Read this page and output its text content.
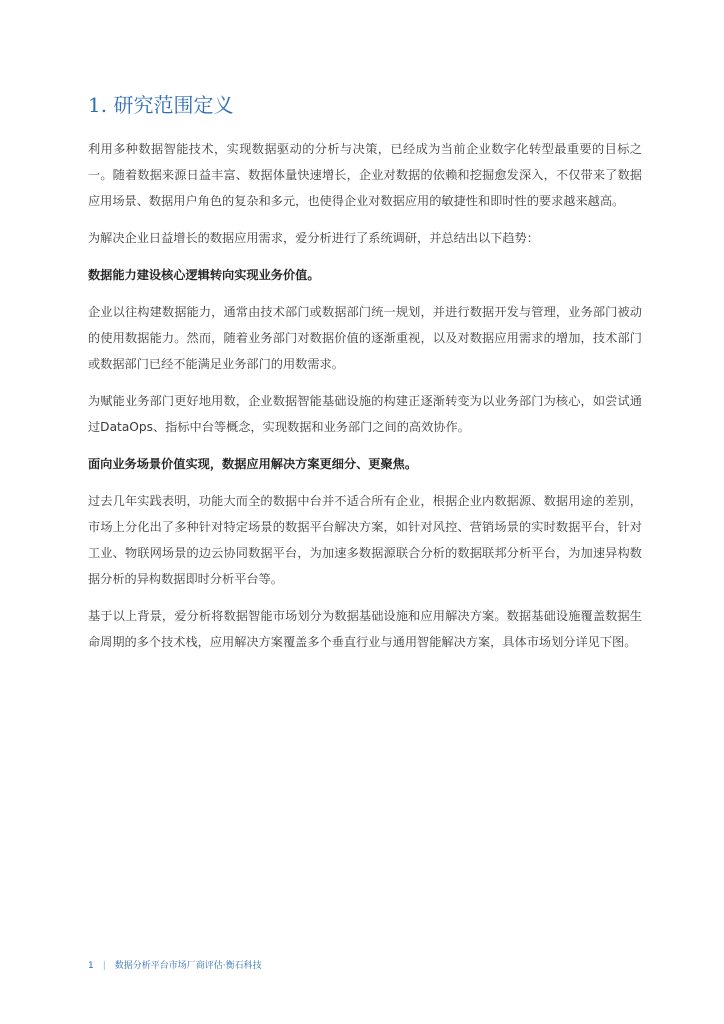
1. 研究范围定义

利用多种数据智能技术，实现数据驱动的分析与决策，已经成为当前企业数字化转型最重要的目标之一。随着数据来源日益丰富、数据体量快速增长，企业对数据的依赖和挖掘愈发深入，不仅带来了数据应用场景、数据用户角色的复杂和多元，也使得企业对数据应用的敏捷性和即时性的要求越来越高。

为解决企业日益增长的数据应用需求，爱分析进行了系统调研，并总结出以下趋势：

数据能力建设核心逻辑转向实现业务价值。

企业以往构建数据能力，通常由技术部门或数据部门统一规划，并进行数据开发与管理，业务部门被动的使用数据能力。然而，随着业务部门对数据价值的逐渐重视，以及对数据应用需求的增加，技术部门或数据部门已经不能满足业务部门的用数需求。

为赋能业务部门更好地用数，企业数据智能基础设施的构建正逐渐转变为以业务部门为核心，如尝试通过DataOps、指标中台等概念，实现数据和业务部门之间的高效协作。

面向业务场景价值实现，数据应用解决方案更细分、更聚焦。

过去几年实践表明，功能大而全的数据中台并不适合所有企业，根据企业内数据源、数据用途的差别，市场上分化出了多种针对特定场景的数据平台解决方案，如针对风控、营销场景的实时数据平台，针对工业、物联网场景的边云协同数据平台，为加速多数据源联合分析的数据联邦分析平台，为加速异构数据分析的异构数据即时分析平台等。

基于以上背景，爱分析将数据智能市场划分为数据基础设施和应用解决方案。数据基础设施覆盖数据生命周期的多个技术栈，应用解决方案覆盖多个垂直行业与通用智能解决方案，具体市场划分详见下图。

1 | 数据分析平台市场厂商评估·衡石科技
